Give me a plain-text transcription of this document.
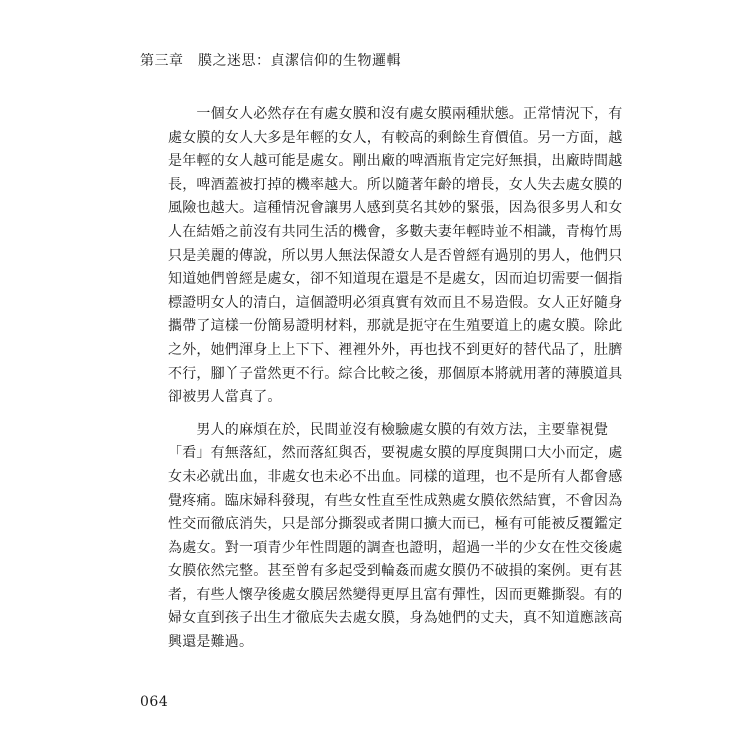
第三章　膜之迷思：貞潔信仰的生物邏輯
　　一個女人必然存在有處女膜和沒有處女膜兩種狀態。正常情況下，有
處女膜的女人大多是年輕的女人，有較高的剩餘生育價值。另一方面，越
是年輕的女人越可能是處女。剛出廠的啤酒瓶肯定完好無損，出廠時間越
長，啤酒蓋被打掉的機率越大。所以隨著年齡的增長，女人失去處女膜的
風險也越大。這種情況會讓男人感到莫名其妙的緊張，因為很多男人和女
人在結婚之前沒有共同生活的機會，多數夫妻年輕時並不相識，青梅竹馬
只是美麗的傳說，所以男人無法保證女人是否曾經有過別的男人，他們只
知道她們曾經是處女，卻不知道現在還是不是處女，因而迫切需要一個指
標證明女人的清白，這個證明必須真實有效而且不易造假。女人正好隨身
攜帶了這樣一份簡易證明材料，那就是扼守在生殖要道上的處女膜。除此
之外，她們渾身上上下下、裡裡外外，再也找不到更好的替代品了，肚臍
不行，腳丫子當然更不行。綜合比較之後，那個原本將就用著的薄膜道具
卻被男人當真了。
　　男人的麻煩在於，民間並沒有檢驗處女膜的有效方法，主要靠視覺
「看」有無落紅，然而落紅與否，要視處女膜的厚度與開口大小而定，處
女未必就出血，非處女也未必不出血。同樣的道理，也不是所有人都會感
覺疼痛。臨床婦科發現，有些女性直至性成熟處女膜依然結實，不會因為
性交而徹底消失，只是部分撕裂或者開口擴大而已，極有可能被反覆鑑定
為處女。對一項青少年性問題的調查也證明，超過一半的少女在性交後處
女膜依然完整。甚至曾有多起受到輪姦而處女膜仍不破損的案例。更有甚
者，有些人懷孕後處女膜居然變得更厚且富有彈性，因而更難撕裂。有的
婦女直到孩子出生才徹底失去處女膜，身為她們的丈夫，真不知道應該高
興還是難過。
064
